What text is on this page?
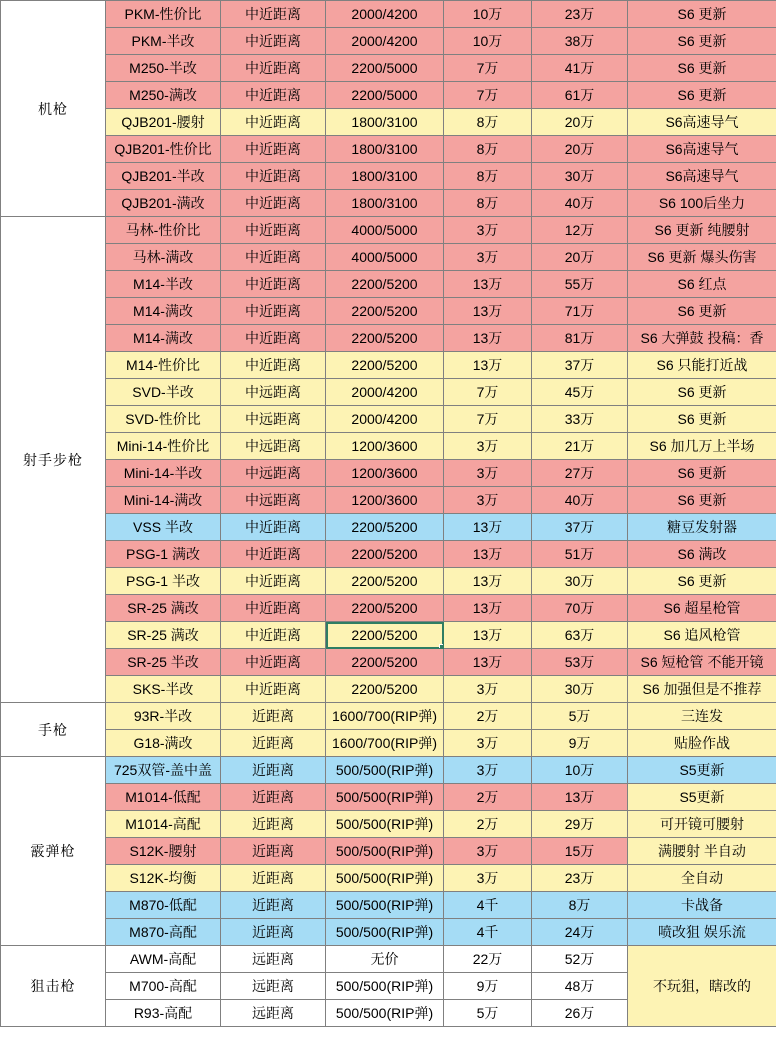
机枪	PKM-性价比	中近距离	2000/4200	10万	23万	S6 更新
	PKM-半改	中近距离	2000/4200	10万	38万	S6 更新
	M250-半改	中近距离	2200/5000	7万	41万	S6 更新
	M250-满改	中近距离	2200/5000	7万	61万	S6 更新
	QJB201-腰射	中近距离	1800/3100	8万	20万	S6高速导气
	QJB201-性价比	中近距离	1800/3100	8万	20万	S6高速导气
	QJB201-半改	中近距离	1800/3100	8万	30万	S6高速导气
	QJB201-满改	中近距离	1800/3100	8万	40万	S6 100后坐力
射手步枪	马林-性价比	中近距离	4000/5000	3万	12万	S6 更新 纯腰射
	马林-满改	中近距离	4000/5000	3万	20万	S6 更新 爆头伤害
	M14-半改	中近距离	2200/5200	13万	55万	S6 红点
	M14-满改	中近距离	2200/5200	13万	71万	S6 更新
	M14-满改	中近距离	2200/5200	13万	81万	S6 大弹鼓 投稿：香
	M14-性价比	中近距离	2200/5200	13万	37万	S6 只能打近战
	SVD-半改	中远距离	2000/4200	7万	45万	S6 更新
	SVD-性价比	中远距离	2000/4200	7万	33万	S6 更新
	Mini-14-性价比	中远距离	1200/3600	3万	21万	S6 加几万上半场
	Mini-14-半改	中远距离	1200/3600	3万	27万	S6 更新
	Mini-14-满改	中远距离	1200/3600	3万	40万	S6 更新
	VSS 半改	中近距离	2200/5200	13万	37万	糖豆发射器
	PSG-1 满改	中近距离	2200/5200	13万	51万	S6 满改
	PSG-1 半改	中近距离	2200/5200	13万	30万	S6 更新
	SR-25 满改	中近距离	2200/5200	13万	70万	S6 超星枪管
	SR-25 满改	中近距离	2200/5200	13万	63万	S6 追风枪管
	SR-25 半改	中近距离	2200/5200	13万	53万	S6 短枪管 不能开镜
	SKS-半改	中近距离	2200/5200	3万	30万	S6 加强但是不推荐
手枪	93R-半改	近距离	1600/700(RIP弹)	2万	5万	三连发
	G18-满改	近距离	1600/700(RIP弹)	3万	9万	贴脸作战
霰弹枪	725双管-盖中盖	近距离	500/500(RIP弹)	3万	10万	S5更新
	M1014-低配	近距离	500/500(RIP弹)	2万	13万	S5更新
	M1014-高配	近距离	500/500(RIP弹)	2万	29万	可开镜可腰射
	S12K-腰射	近距离	500/500(RIP弹)	3万	15万	满腰射 半自动
	S12K-均衡	近距离	500/500(RIP弹)	3万	23万	全自动
	M870-低配	近距离	500/500(RIP弹)	4千	8万	卡战备
	M870-高配	近距离	500/500(RIP弹)	4千	24万	喷改狙 娱乐流
狙击枪	AWM-高配	远距离	无价	22万	52万	不玩狙，瞎改的
	M700-高配	远距离	500/500(RIP弹)	9万	48万	
	R93-高配	远距离	500/500(RIP弹)	5万	26万	
